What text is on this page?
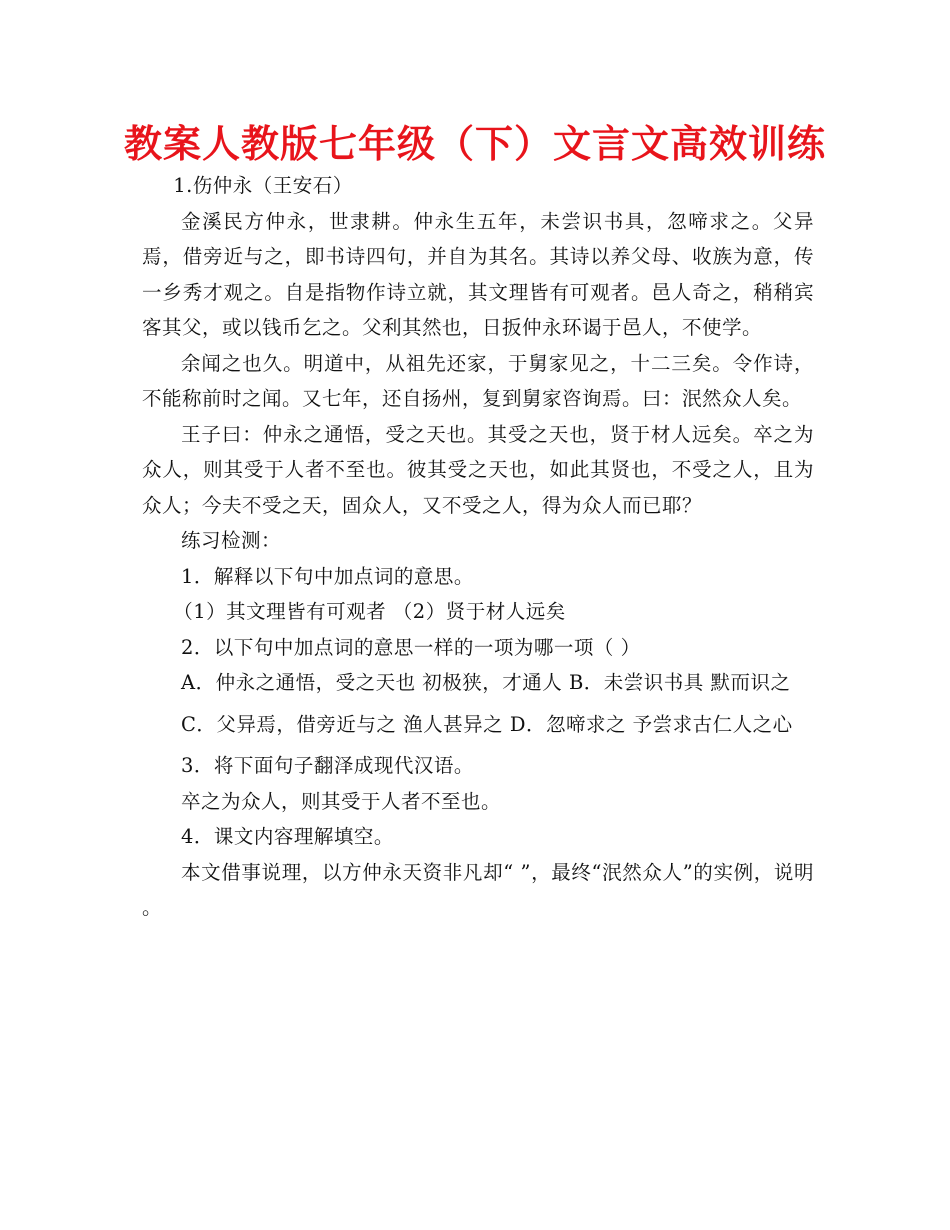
教案人教版七年级（下）文言文高效训练

1.伤仲永（王安石）

金溪民方仲永，世隶耕。仲永生五年，未尝识书具，忽啼求之。父异焉，借旁近与之，即书诗四句，并自为其名。其诗以养父母、收族为意，传一乡秀才观之。自是指物作诗立就，其文理皆有可观者。邑人奇之，稍稍宾客其父，或以钱币乞之。父利其然也，日扳仲永环谒于邑人，不使学。

余闻之也久。明道中，从祖先还家，于舅家见之，十二三矣。令作诗，不能称前时之闻。又七年，还自扬州，复到舅家咨询焉。曰：泯然众人矣。

王子曰：仲永之通悟，受之天也。其受之天也，贤于材人远矣。卒之为众人，则其受于人者不至也。彼其受之天也，如此其贤也，不受之人，且为众人；今夫不受之天，固众人，又不受之人，得为众人而已耶？

练习检测：

1．解释以下句中加点词的意思。

（1）其文理皆有可观者 （2）贤于材人远矣

2．以下句中加点词的意思一样的一项为哪一项（ ）

A．仲永之通悟，受之天也 初极狭，才通人 B．未尝识书具 默而识之

C．父异焉，借旁近与之 渔人甚异之 D．忽啼求之 予尝求古仁人之心

3．将下面句子翻泽成现代汉语。

卒之为众人，则其受于人者不至也。

4．课文内容理解填空。

本文借事说理，以方仲永天资非凡却“ ”，最终“泯然众人”的实例，说明 。
